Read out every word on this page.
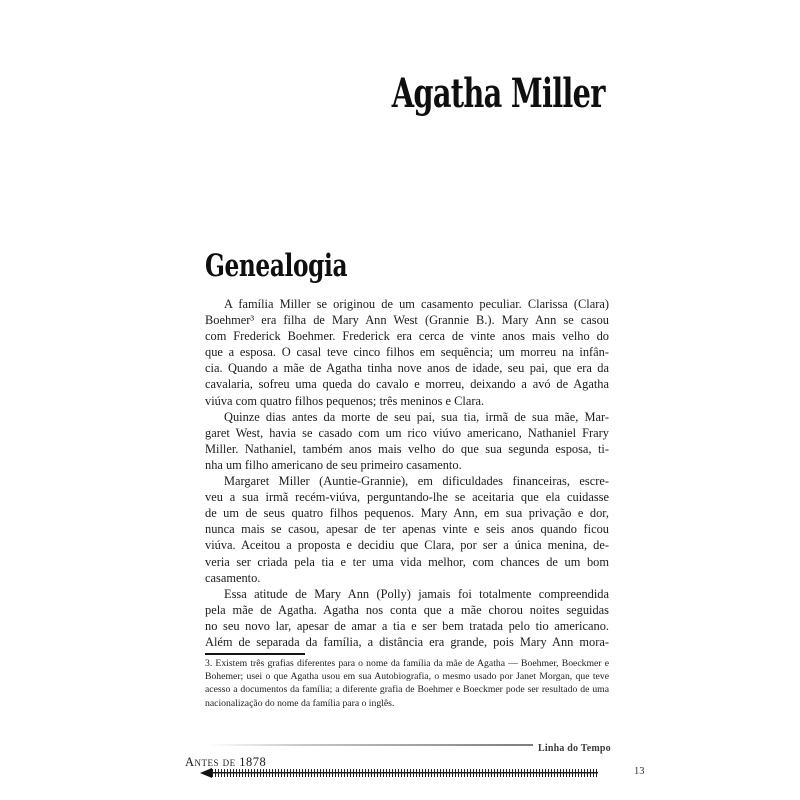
Agatha Miller
Genealogia

A família Miller se originou de um casamento peculiar. Clarissa (Clara)

Boehmer³ era filha de Mary Ann West (Grannie B.). Mary Ann se casou

com Frederick Boehmer. Frederick era cerca de vinte anos mais velho do

que a esposa. O casal teve cinco filhos em sequência; um morreu na infân-

cia. Quando a mãe de Agatha tinha nove anos de idade, seu pai, que era da

cavalaria, sofreu uma queda do cavalo e morreu, deixando a avó de Agatha

viúva com quatro filhos pequenos; três meninos e Clara.

Quinze dias antes da morte de seu pai, sua tia, irmã de sua mãe, Mar-

garet West, havia se casado com um rico viúvo americano, Nathaniel Frary

Miller. Nathaniel, também anos mais velho do que sua segunda esposa, ti-

nha um filho americano de seu primeiro casamento.

Margaret Miller (Auntie-Grannie), em dificuldades financeiras, escre-

veu a sua irmã recém-viúva, perguntando-lhe se aceitaria que ela cuidasse

de um de seus quatro filhos pequenos. Mary Ann, em sua privação e dor,

nunca mais se casou, apesar de ter apenas vinte e seis anos quando ficou

viúva. Aceitou a proposta e decidiu que Clara, por ser a única menina, de-

veria ser criada pela tia e ter uma vida melhor, com chances de um bom

casamento.

Essa atitude de Mary Ann (Polly) jamais foi totalmente compreendida

pela mãe de Agatha. Agatha nos conta que a mãe chorou noites seguidas

no seu novo lar, apesar de amar a tia e ser bem tratada pelo tio americano.

Além de separada da família, a distância era grande, pois Mary Ann mora-

3. Existem três grafias diferentes para o nome da família da mãe de Agatha — Boehmer, Boeckmer e

Bohemer; usei o que Agatha usou em sua Autobiografia, o mesmo usado por Janet Morgan, que teve

acesso a documentos da família; a diferente grafia de Boehmer e Boeckmer pode ser resultado de uma

nacionalização do nome da família para o inglês.

Linha do Tempo
Antes de 1878
13
